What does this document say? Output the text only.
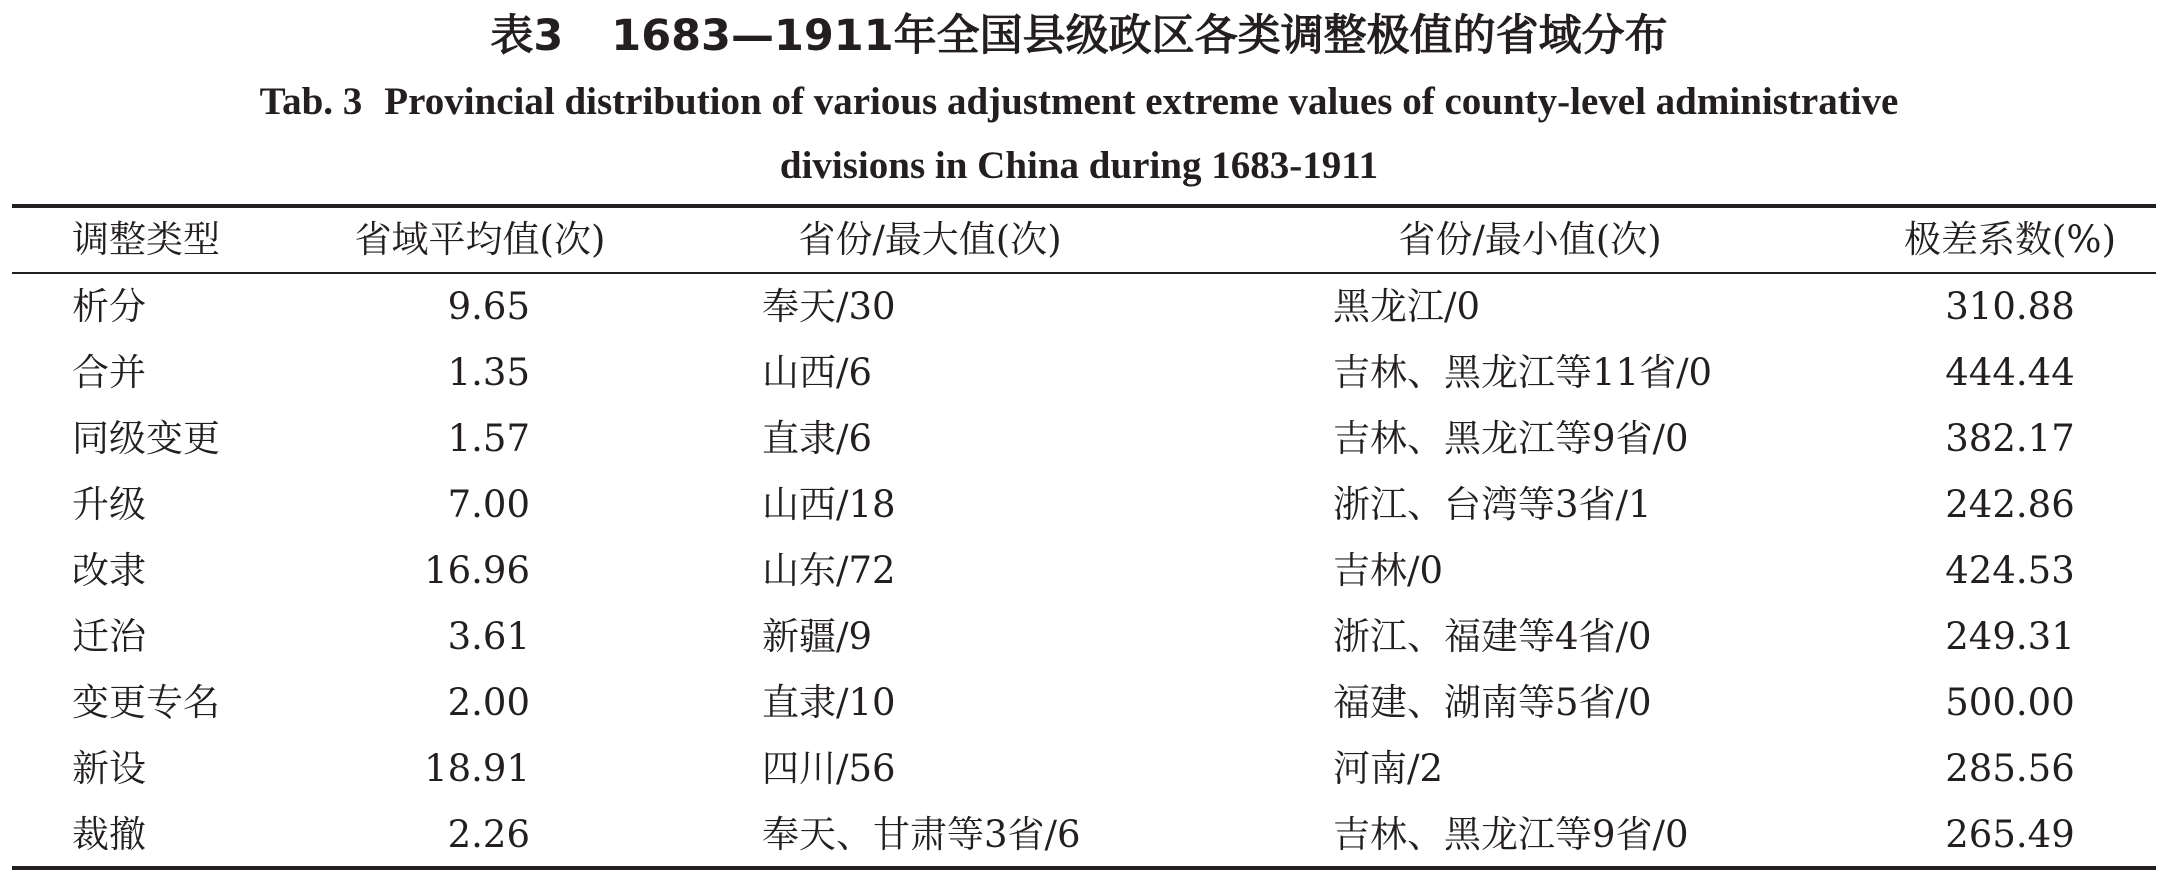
表3 1683—1911年全国县级政区各类调整极值的省域分布
Tab. 3 Provincial distribution of various adjustment extreme values of county-level administrative
divisions in China during 1683-1911
调整类型	省域平均值(次)	省份/最大值(次)	省份/最小值(次)	极差系数(%)
析分	9.65	奉天/30	黑龙江/0	310.88
合并	1.35	山西/6	吉林、黑龙江等11省/0	444.44
同级变更	1.57	直隶/6	吉林、黑龙江等9省/0	382.17
升级	7.00	山西/18	浙江、台湾等3省/1	242.86
改隶	16.96	山东/72	吉林/0	424.53
迁治	3.61	新疆/9	浙江、福建等4省/0	249.31
变更专名	2.00	直隶/10	福建、湖南等5省/0	500.00
新设	18.91	四川/56	河南/2	285.56
裁撤	2.26	奉天、甘肃等3省/6	吉林、黑龙江等9省/0	265.49
